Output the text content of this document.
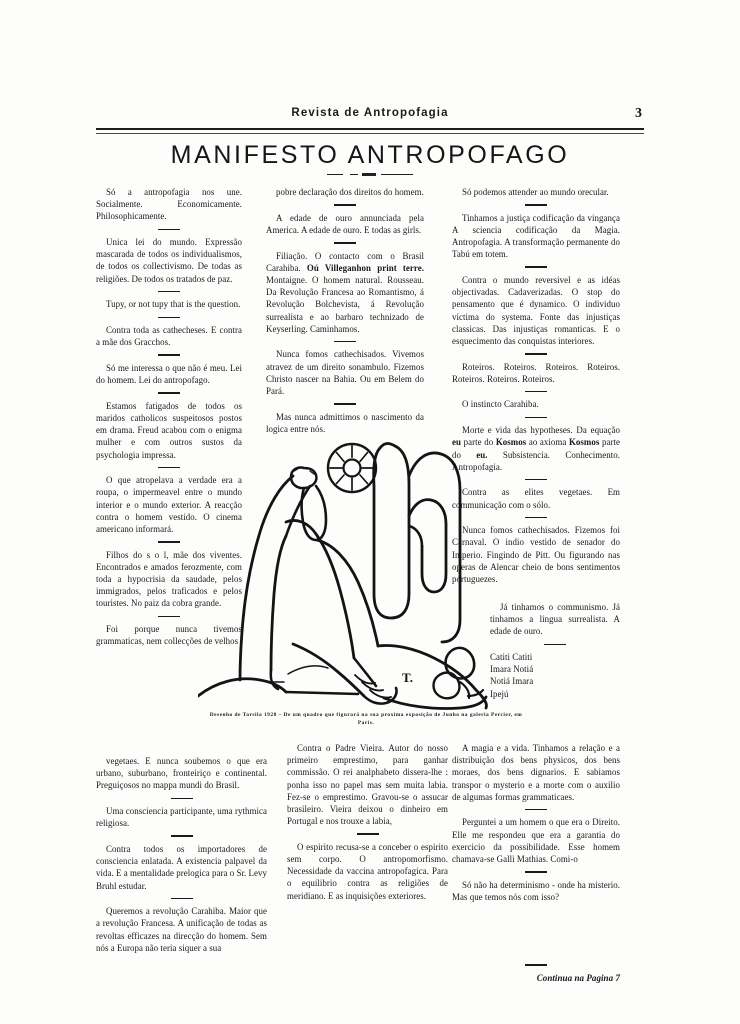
Revista de Antropofagia	3
MANIFESTO ANTROPOFAGO

Só a antropofagia nos une. Socialmente. Economicamente. Philosophicamente.

Unica lei do mundo. Expressão mascarada de todos os individualismos, de todos os collectivismo. De todas as religiões. De todos os tratados de paz.

Tupy, or not tupy that is the question.

Contra toda as cathecheses. E contra a mãe dos Gracchos.

Só me interessa o que não é meu. Lei do homem. Lei do antropofago.

Estamos fatigados de todos os maridos catholicos suspeitosos postos em drama. Freud acabou com o enigma mulher e com outros sustos da psychologia impressa.

O que atropelava a verdade era a roupa, o impermeavel entre o mundo interior e o mundo exterior. A reacção contra o homem vestido. O cinema americano informará.

Filhos do s o l, mãe dos viventes. Encontrados e amados ferozmente, com toda a hypocrisia da saudade, pelos immigrados, pelos traficados e pelos touristes. No paiz da cobra grande.

Foi porque nunca tivemos grammaticas, nem collecções de velhos

pobre declaração dos direitos do homem.

A edade de ouro annunciada pela America. A edade de ouro. E todas as girls.

Filiação. O contacto com o Brasil Carahiba. Oú Villeganhon print terre. Montaigne. O homem natural. Rousseau. Da Revolução Francesa ao Romantismo, á Revolução Bolchevista, á Revolução surrealista e ao barbaro technizado de Keyserling. Caminhamos.

Nunca fomos cathechisados. Vivemos atravez de um direito sonambulo. Fizemos Christo nascer na Bahia. Ou em Belem do Pará.

Mas nunca admittimos o nascimento da logica entre nós.

Só podemos attender ao mundo orecular.

Tinhamos a justiça codificação da vingança A sciencia codificação da Magia. Antropofagia. A transformação permanente do Tabú em totem.

Contra o mundo reversivel e as idéas objectivadas. Cadaverizadas. O stop do pensamento que é dynamico. O individuo victima do systema. Fonte das injustiças classicas. Das injustiças romanticas. E o esquecimento das conquistas interiores.

Roteiros. Roteiros. Roteiros. Roteiros. Roteiros. Roteiros. Roteiros.

O instincto Carahiba.

Morte e vida das hypotheses. Da equação eu parte do Kosmos ao axioma Kosmos parte do eu. Subsistencia. Conhecimento. Antropofagia.

Contra as elites vegetaes. Em communicação com o sólo.

Nunca fomos cathechisados. Fizemos foi Carnaval. O indio vestido de senador do Imperio. Fingindo de Pitt. Ou figurando nas operas de Alencar cheio de bons sentimentos portuguezes.

Já tinhamos o communismo. Já tinhamos a lingua surrealista. A edade de ouro.

Catiti Catiti

Imara Notiá

Notiá Imara

Ipejú

T.
Desenho de Tarsila 1928 – De um quadro que figurará na sua proxima exposição de Junho na galeria Percier, em Paris.

vegetaes. E nunca soubemos o que era urbano, suburbano, fronteiriço e continental. Preguiçosos no mappa mundi do Brasil.

Uma consciencia participante, uma rythmica religiosa.

Contra todos os importadores de consciencia enlatada. A existencia palpavel da vida. E a mentalidade prelogica para o Sr. Levy Bruhl estudar.

Queremos a revolução Carahiba. Maior que a revolução Francesa. A unificação de todas as revoltas efficazes na direcção do homem. Sem nós a Europa não teria siquer a sua

Contra o Padre Vieira. Autor do nosso primeiro emprestimo, para ganhar commissão. O rei analphabeto dissera-lhe : ponha isso no papel mas sem muita labia. Fez-se o emprestimo. Gravou-se o assucar brasileiro. Vieira deixou o dinheiro em Portugal e nos trouxe a labia,

O espirito recusa-se a conceber o espirito sem corpo. O antropomorfismo. Necessidade da vaccina antropofagica. Para o equilibrio contra as religiões de meridiano. E as inquisições exteriores.

A magia e a vida. Tinhamos a relação e a distribuição dos bens physicos, dos bens moraes, dos bens dignarios. E sabiamos transpor o mysterio e a morte com o auxilio de algumas formas grammaticaes.

Perguntei a um homem o que era o Direito. Elle me respondeu que era a garantia do exercicio da possibilidade. Esse homem chamava-se Galli Mathias. Comi-o

Só não ha determinismo - onde ha misterio. Mas que temos nós com isso?

Continua na Pagina 7
